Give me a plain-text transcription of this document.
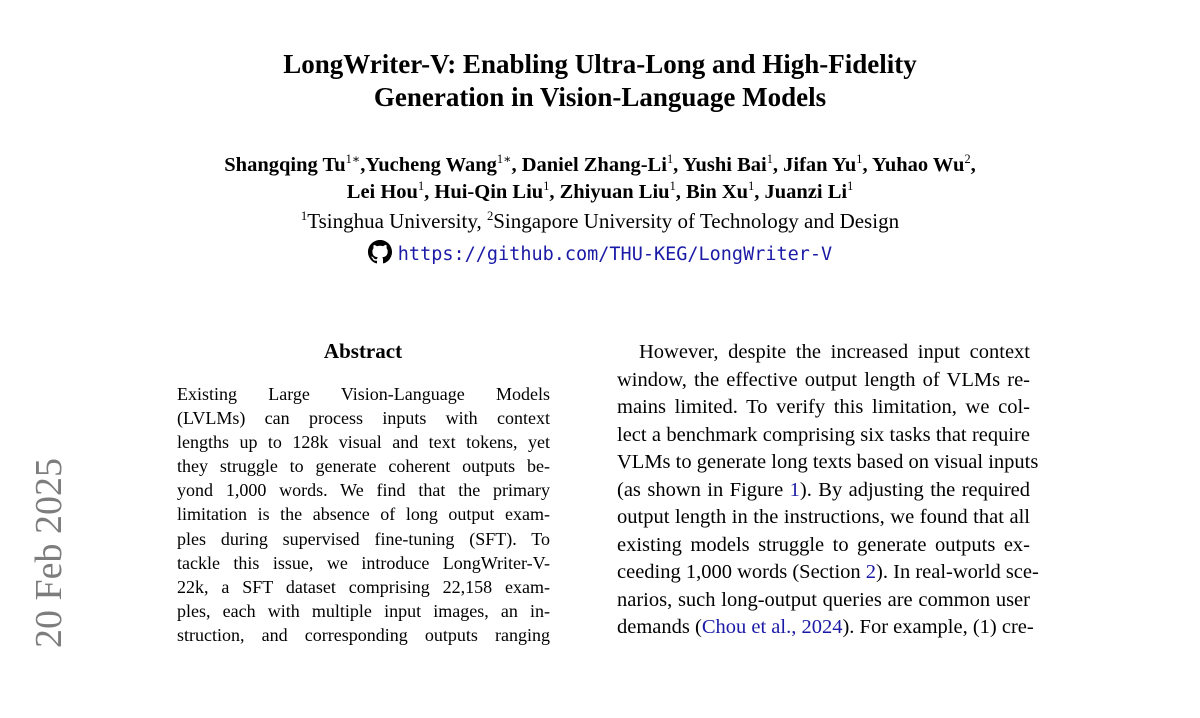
LongWriter-V: Enabling Ultra-Long and High-Fidelity
Generation in Vision-Language Models
Shangqing $Tu^{1∗},Yucheng$ Wang$^{1∗}$, Daniel Zhang-Li$^1$, Yushi Bai$^1$, Jifan Yu$^1$, Yuhao Wu$^2$,
Lei Hou$^1$, Hui-Qin Liu$^1$, Zhiyuan Liu$^1$, Bin Xu$^1$, Juanzi Li$^1$
$^1$Tsinghua University, $^2$Singapore University of Technology and Design
https://github.com/THU-KEG/LongWriter-V
Abstract
Existing Large Vision-Language Models
(LVLMs) can process inputs with context
lengths up to 128k visual and text tokens, yet
they struggle to generate coherent outputs be-
yond 1,000 words. We find that the primary
limitation is the absence of long output exam-
ples during supervised fine-tuning (SFT). To
tackle this issue, we introduce LongWriter-V-
22k, a SFT dataset comprising 22,158 exam-
ples, each with multiple input images, an in-
struction, and corresponding outputs ranging
However, despite the increased input context
window, the effective output length of VLMs re-
mains limited. To verify this limitation, we col-
lect a benchmark comprising six tasks that require
VLMs to generate long texts based on visual inputs
(as shown in Figure 1). By adjusting the required
output length in the instructions, we found that all
existing models struggle to generate outputs ex-
ceeding 1,000 words (Section 2). In real-world sce-
narios, such long-output queries are common user
demands (Chou et al., 2024). For example, (1) cre-
20 Feb 2025
